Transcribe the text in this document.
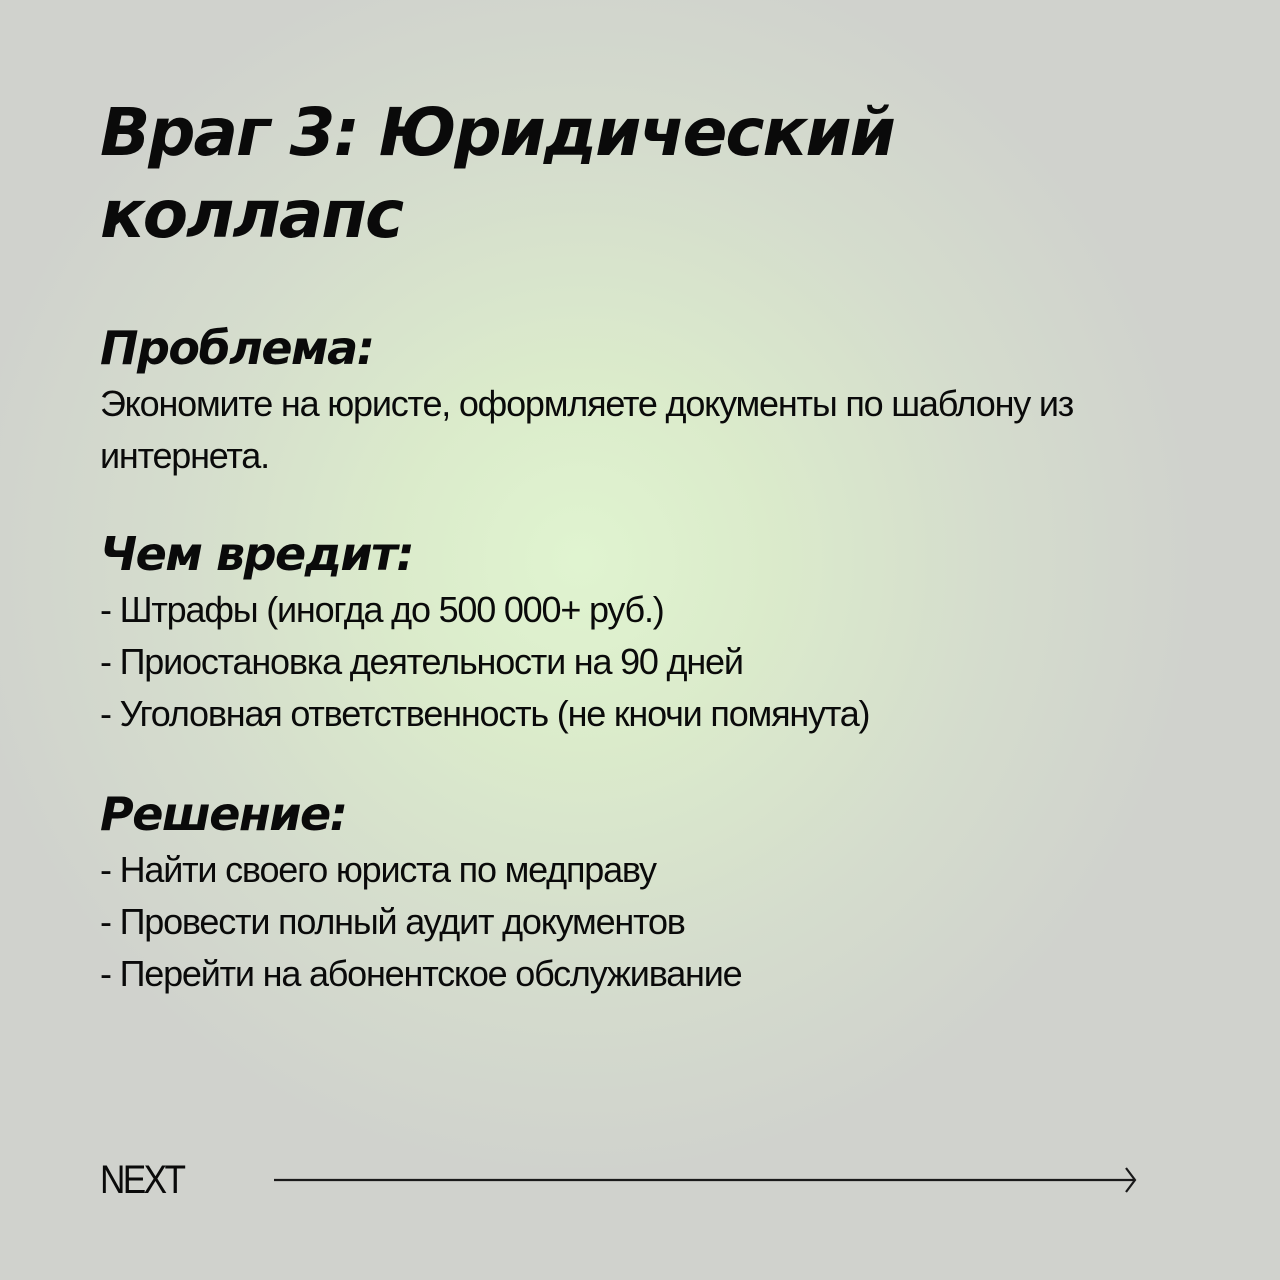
Враг 3: Юридический коллапс
Проблема:

Экономите на юристе, оформляете документы по шаблону из интернета.

Чем вредит:
- Штрафы (иногда до 500 000+ руб.)
- Приостановка деятельности на 90 дней
- Уголовная ответственность (не кночи помянута)
Решение:
- Найти своего юриста по медправу
- Провести полный аудит документов
- Перейти на абонентское обслуживание
NEXT
